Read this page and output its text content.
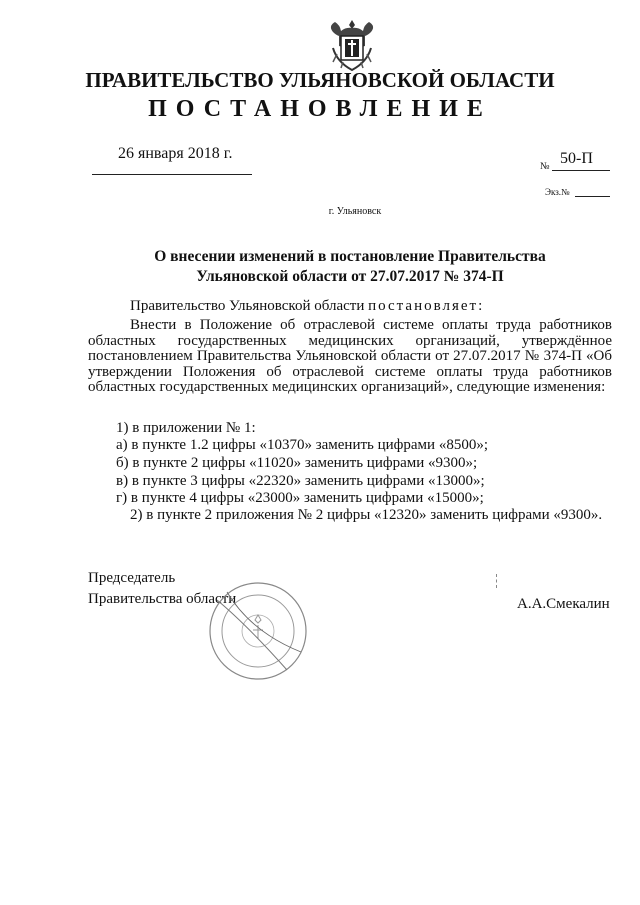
ПРАВИТЕЛЬСТВО УЛЬЯНОВСКОЙ ОБЛАСТИ
ПОСТАНОВЛЕНИЕ
26 января 2018 г.
№ 50-П
Экз.№
г. Ульяновск
О внесении изменений в постановление Правительства
Ульяновской области от 27.07.2017 № 374-П
Правительство Ульяновской области постановляет:
Внести в Положение об отраслевой системе оплаты труда работников областных государственных медицинских организаций, утверждённое постановлением Правительства Ульяновской области от 27.07.2017 № 374-П «Об утверждении Положения об отраслевой системе оплаты труда работников областных государственных медицинских организаций», следующие изменения:
1) в приложении № 1:
а) в пункте 1.2 цифры «10370» заменить цифрами «8500»;
б) в пункте 2 цифры «11020» заменить цифрами «9300»;
в) в пункте 3 цифры «22320» заменить цифрами «13000»;
г) в пункте 4 цифры «23000» заменить цифрами «15000»;
2) в пункте 2 приложения № 2 цифры «12320» заменить цифрами «9300».
Председатель
Правительства области	А.А.Смекалин
